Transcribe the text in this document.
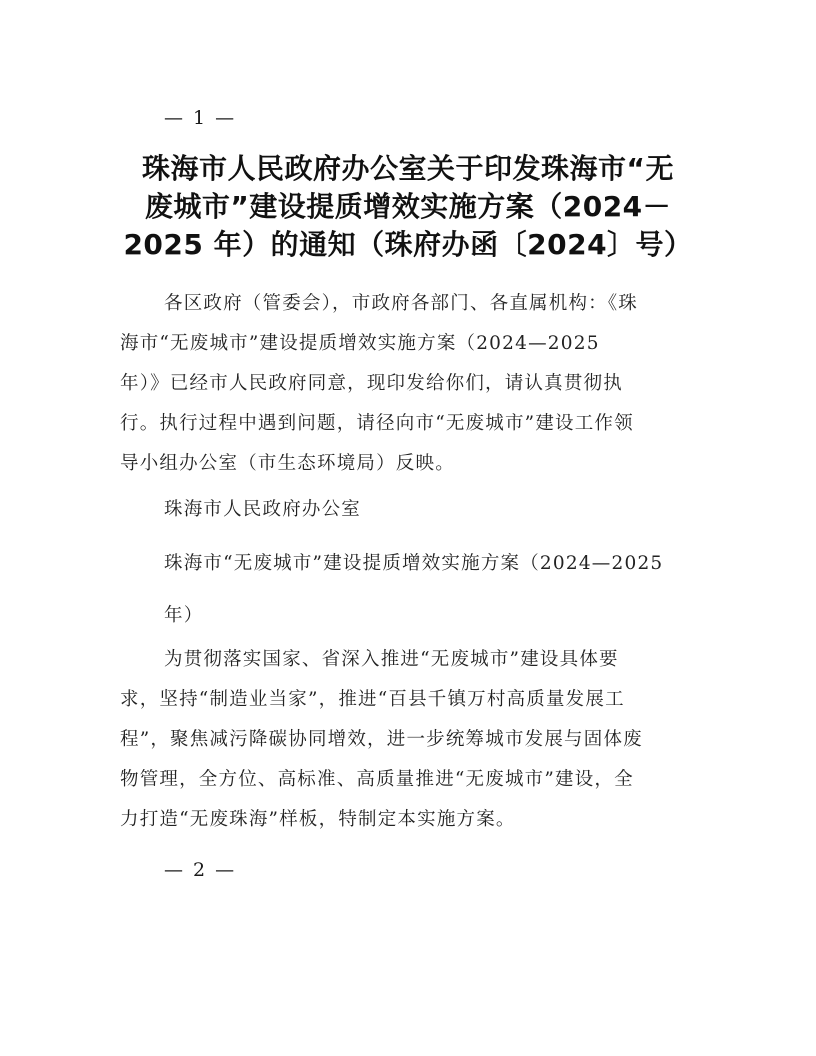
— 1 —
珠海市人民政府办公室关于印发珠海市“无
废城市”建设提质增效实施方案（2024－
2025 年）的通知（珠府办函〔2024〕号）
各区政府（管委会），市政府各部门、各直属机构：《珠
海市“无废城市”建设提质增效实施方案（2024—2025
年）》已经市人民政府同意，现印发给你们，请认真贯彻执
行。执行过程中遇到问题，请径向市“无废城市”建设工作领
导小组办公室（市生态环境局）反映。
珠海市人民政府办公室
珠海市“无废城市”建设提质增效实施方案（2024—2025
年）
为贯彻落实国家、省深入推进“无废城市”建设具体要
求，坚持“制造业当家”，推进“百县千镇万村高质量发展工
程”，聚焦减污降碳协同增效，进一步统筹城市发展与固体废
物管理，全方位、高标准、高质量推进“无废城市”建设，全
力打造“无废珠海”样板，特制定本实施方案。
— 2 —
